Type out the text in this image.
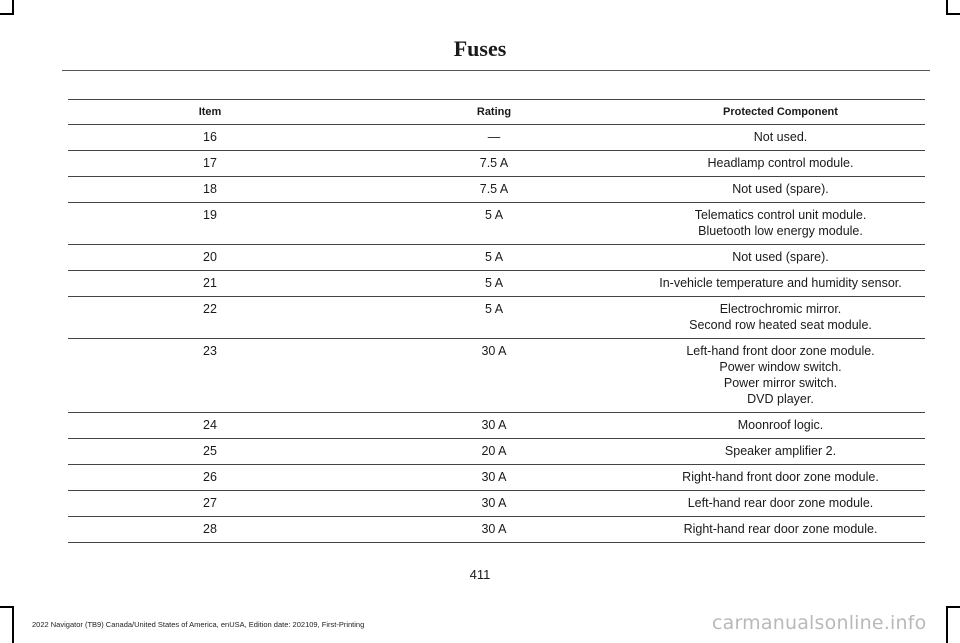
Fuses
Item	Rating	Protected Component
16	—	Not used.

17	7.5 A	Headlamp control module.

18	7.5 A	Not used (spare).

19	5 A	Telematics control unit module.
Bluetooth low energy module.

20	5 A	Not used (spare).

21	5 A	In-vehicle temperature and humidity sensor.

22	5 A	Electrochromic mirror.
Second row heated seat module.

23	30 A	Left-hand front door zone module.
Power window switch.
Power mirror switch.
DVD player.

24	30 A	Moonroof logic.

25	20 A	Speaker amplifier 2.

26	30 A	Right-hand front door zone module.

27	30 A	Left-hand rear door zone module.

28	30 A	Right-hand rear door zone module.
411
2022 Navigator (TB9) Canada/United States of America, enUSA, Edition date: 202109, First-Printing	carmanualsonline.info
